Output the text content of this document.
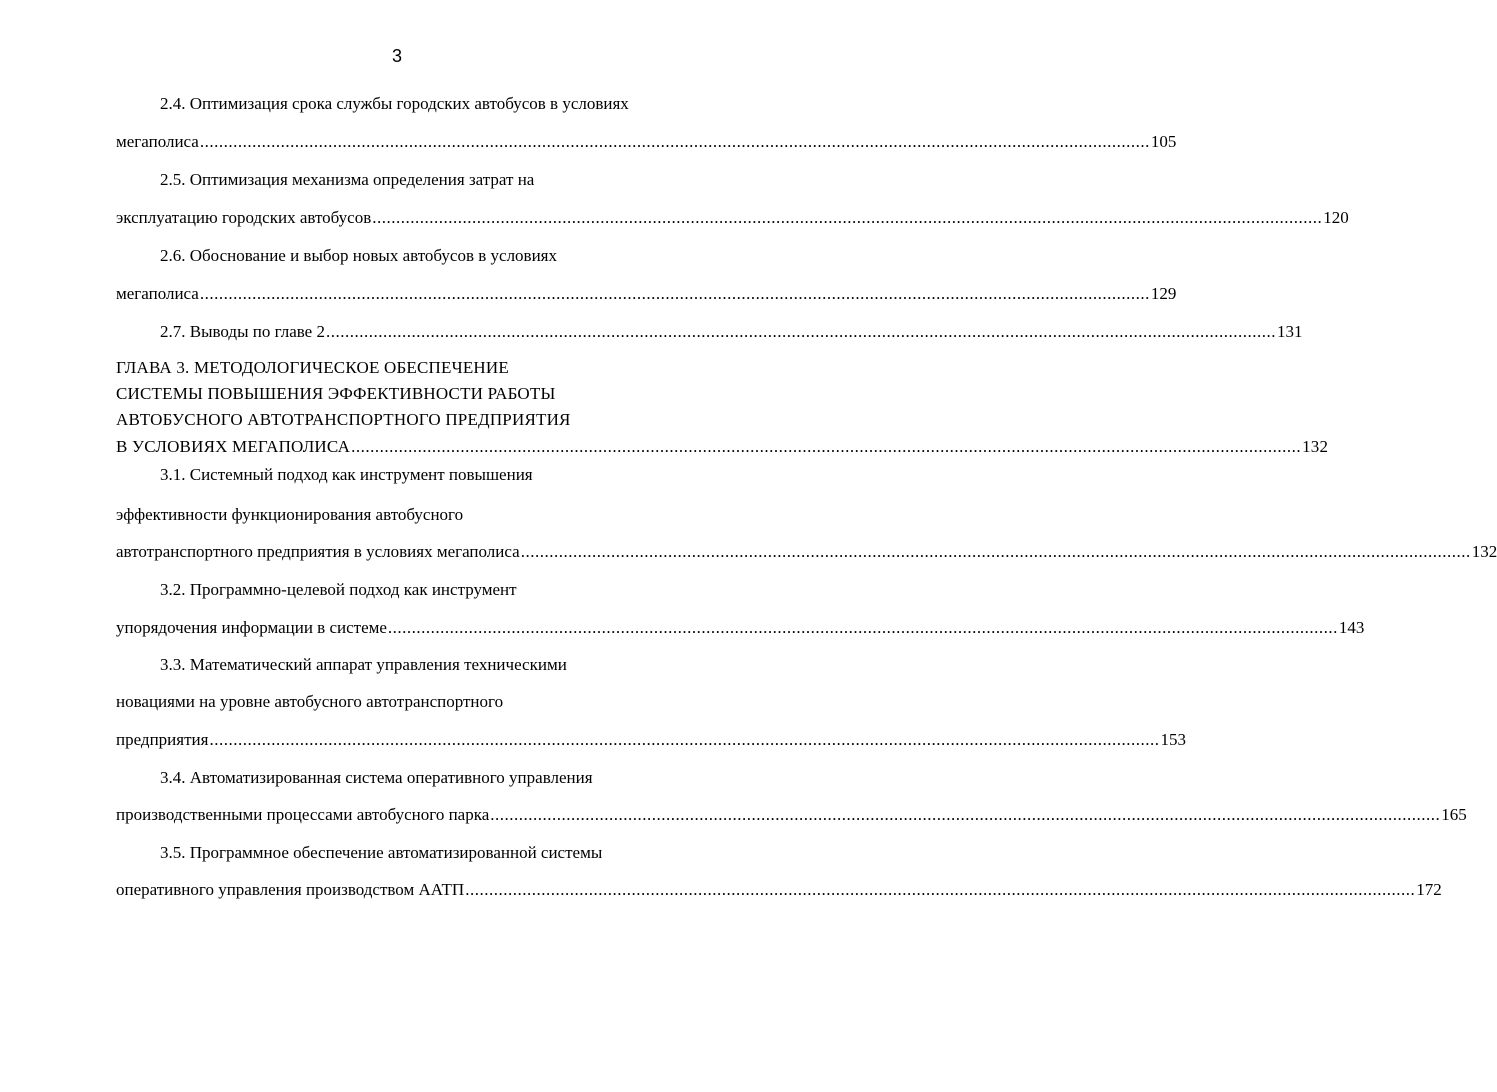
3
2.4. Оптимизация срока службы городских автобусов в условиях
мегаполиса ........................................................................................................................................................................................................ 105
2.5. Оптимизация механизма определения затрат на
эксплуатацию городских автобусов ........................................................................................................................................................................................................ 120
2.6. Обоснование и выбор новых автобусов в условиях
мегаполиса ........................................................................................................................................................................................................ 129
2.7. Выводы по главе 2 ........................................................................................................................................................................................................ 131
ГЛАВА 3. МЕТОДОЛОГИЧЕСКОЕ ОБЕСПЕЧЕНИЕ
СИСТЕМЫ ПОВЫШЕНИЯ ЭФФЕКТИВНОСТИ РАБОТЫ
АВТОБУСНОГО АВТОТРАНСПОРТНОГО ПРЕДПРИЯТИЯ
В УСЛОВИЯХ МЕГАПОЛИСА ........................................................................................................................................................................................................ 132
3.1. Системный подход как инструмент повышения
эффективности функционирования автобусного
автотранспортного предприятия в условиях мегаполиса ........................................................................................................................................................................................................ 132
3.2. Программно-целевой подход как инструмент
упорядочения информации в системе ........................................................................................................................................................................................................ 143
3.3. Математический аппарат управления техническими
новациями на уровне автобусного автотранспортного
предприятия ........................................................................................................................................................................................................ 153
3.4. Автоматизированная система оперативного управления
производственными процессами автобусного парка ........................................................................................................................................................................................................ 165
3.5. Программное обеспечение автоматизированной системы
оперативного управления производством ААТП ........................................................................................................................................................................................................ 172
